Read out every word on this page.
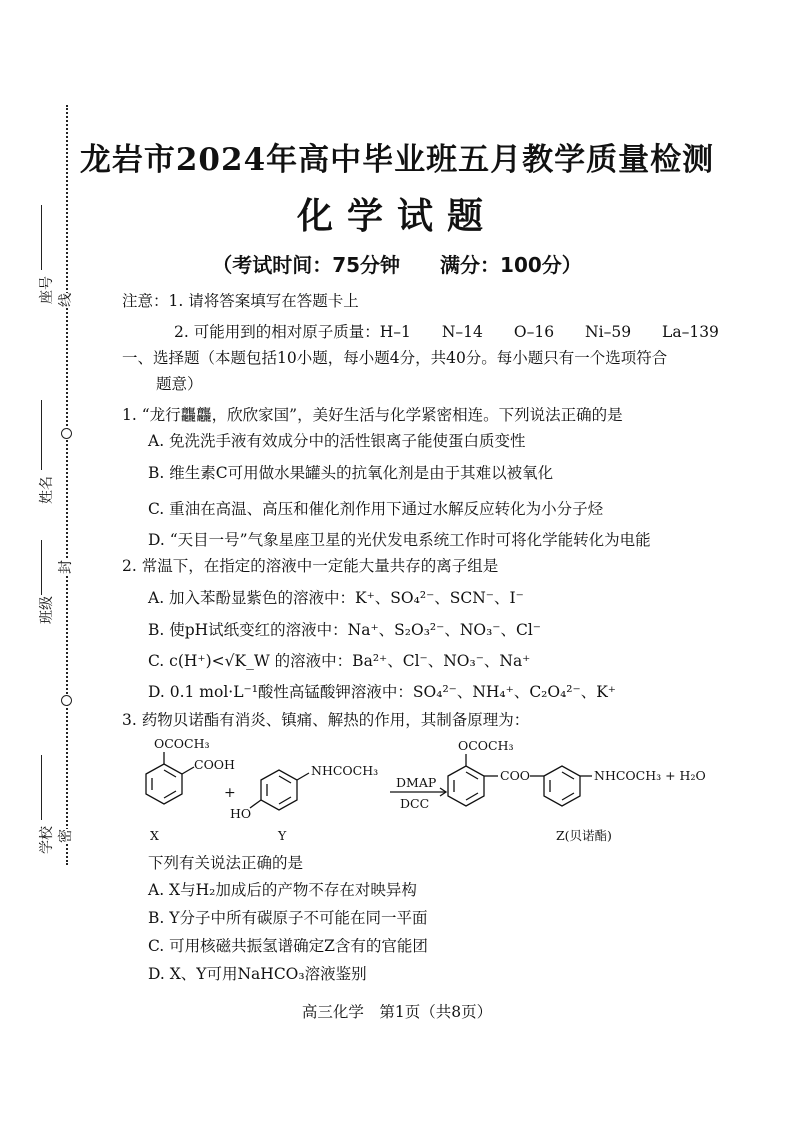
线
封
密
座号
姓名
班级
学校
龙岩市2024年高中毕业班五月教学质量检测
化学试题
（考试时间：75分钟　　满分：100分）
注意：1. 请将答案填写在答题卡上
2. 可能用到的相对原子质量：H–1　　N–14　　O–16　　Ni–59　　La–139
一、选择题（本题包括10小题，每小题4分，共40分。每小题只有一个选项符合
题意）
1. “龙行龘龘，欣欣家国”，美好生活与化学紧密相连。下列说法正确的是
A. 免洗洗手液有效成分中的活性银离子能使蛋白质变性
B. 维生素C可用做水果罐头的抗氧化剂是由于其难以被氧化
C. 重油在高温、高压和催化剂作用下通过水解反应转化为小分子烃
D. “天目一号”气象星座卫星的光伏发电系统工作时可将化学能转化为电能
2. 常温下，在指定的溶液中一定能大量共存的离子组是
A. 加入苯酚显紫色的溶液中：K⁺、SO₄²⁻、SCN⁻、I⁻
B. 使pH试纸变红的溶液中：Na⁺、S₂O₃²⁻、NO₃⁻、Cl⁻
C. c(H⁺)<√K_W 的溶液中：Ba²⁺、Cl⁻、NO₃⁻、Na⁺
D. 0.1 mol·L⁻¹酸性高锰酸钾溶液中：SO₄²⁻、NH₄⁺、C₂O₄²⁻、K⁺
3. 药物贝诺酯有消炎、镇痛、解热的作用，其制备原理为：
OCOCH₃
COOH
+
NHCOCH₃
HO
DMAP
DCC
OCOCH₃
COO	NHCOCH₃ + H₂O
X	Y	Z(贝诺酯)
下列有关说法正确的是
A. X与H₂加成后的产物不存在对映异构
B. Y分子中所有碳原子不可能在同一平面
C. 可用核磁共振氢谱确定Z含有的官能团
D. X、Y可用NaHCO₃溶液鉴别
高三化学　第1页（共8页）
